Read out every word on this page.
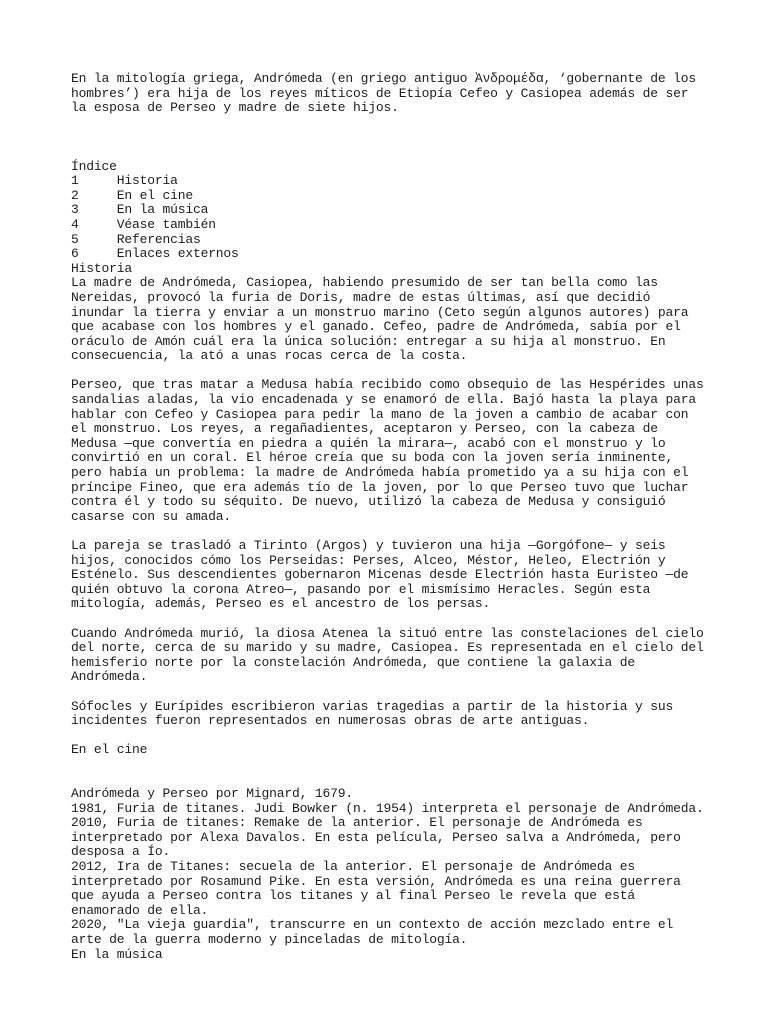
En la mitología griega, Andrómeda (en griego antiguo Ἀνδρομέδα, ‘gobernante de los
hombres’) era hija de los reyes míticos de Etiopía Cefeo y Casiopea además de ser
la esposa de Perseo y madre de siete hijos.

Índice
1	Historia
2	En el cine
3	En la música
4	Véase también
5	Referencias
6	Enlaces externos
Historia
La madre de Andrómeda, Casiopea, habiendo presumido de ser tan bella como las
Nereidas, provocó la furia de Doris, madre de estas últimas, así que decidió
inundar la tierra y enviar a un monstruo marino (Ceto según algunos autores) para
que acabase con los hombres y el ganado. Cefeo, padre de Andrómeda, sabía por el
oráculo de Amón cuál era la única solución: entregar a su hija al monstruo. En
consecuencia, la ató a unas rocas cerca de la costa.

Perseo, que tras matar a Medusa había recibido como obsequio de las Hespérides unas
sandalias aladas, la vio encadenada y se enamoró de ella. Bajó hasta la playa para
hablar con Cefeo y Casiopea para pedir la mano de la joven a cambio de acabar con
el monstruo. Los reyes, a regañadientes, aceptaron y Perseo, con la cabeza de
Medusa —que convertía en piedra a quién la mirara—, acabó con el monstruo y lo
convirtió en un coral. El héroe creía que su boda con la joven sería inminente,
pero había un problema: la madre de Andrómeda había prometido ya a su hija con el
príncipe Fineo, que era además tío de la joven, por lo que Perseo tuvo que luchar
contra él y todo su séquito. De nuevo, utilizó la cabeza de Medusa y consiguió
casarse con su amada.

La pareja se trasladó a Tirinto (Argos) y tuvieron una hija —Gorgófone— y seis
hijos, conocidos cómo los Perseidas: Perses, Alceo, Méstor, Heleo, Electrión y
Esténelo. Sus descendientes gobernaron Micenas desde Electrión hasta Euristeo —de
quién obtuvo la corona Atreo—, pasando por el mismísimo Heracles. Según esta
mitología, además, Perseo es el ancestro de los persas.

Cuando Andrómeda murió, la diosa Atenea la situó entre las constelaciones del cielo
del norte, cerca de su marido y su madre, Casiopea. Es representada en el cielo del
hemisferio norte por la constelación Andrómeda, que contiene la galaxia de
Andrómeda.

Sófocles y Eurípides escribieron varias tragedias a partir de la historia y sus
incidentes fueron representados en numerosas obras de arte antiguas.

En el cine

Andrómeda y Perseo por Mignard, 1679.
1981, Furia de titanes. Judi Bowker (n. 1954) interpreta el personaje de Andrómeda.
2010, Furia de titanes: Remake de la anterior. El personaje de Andrómeda es
interpretado por Alexa Davalos. En esta película, Perseo salva a Andrómeda, pero
desposa a Ío.
2012, Ira de Titanes: secuela de la anterior. El personaje de Andrómeda es
interpretado por Rosamund Pike. En esta versión, Andrómeda es una reina guerrera
que ayuda a Perseo contra los titanes y al final Perseo le revela que está
enamorado de ella.
2020, "La vieja guardia", transcurre en un contexto de acción mezclado entre el
arte de la guerra moderno y pinceladas de mitología.
En la música
